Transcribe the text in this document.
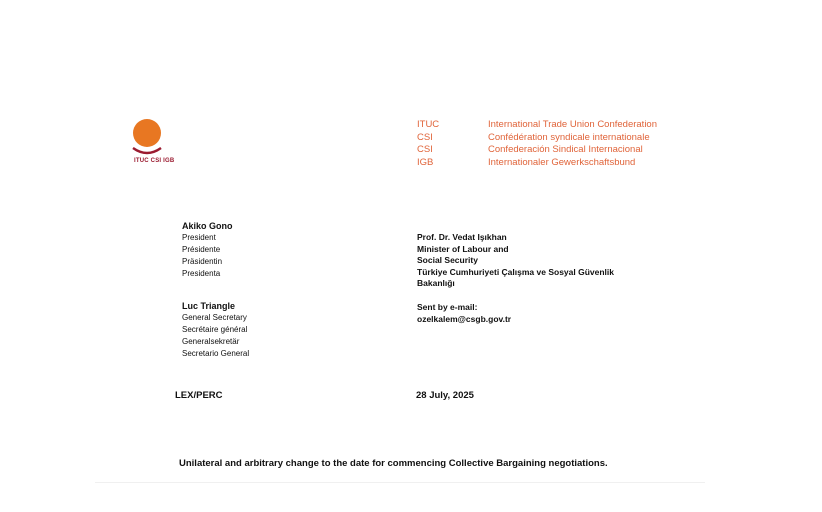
ITUC CSI IGB
ITUC	International Trade Union Confederation
CSI	Confédération syndicale internationale
CSI	Confederación Sindical Internacional
IGB	Internationaler Gewerkschaftsbund
Akiko Gono
President
Présidente
Präsidentin
Presidenta
Luc Triangle
General Secretary
Secrétaire général
Generalsekretär
Secretario General
Prof. Dr. Vedat Işıkhan
Minister of Labour and
Social Security
Türkiye Cumhuriyeti Çalışma ve Sosyal Güvenlik
Bakanlığı
Sent by e-mail:
ozelkalem@csgb.gov.tr
LEX/PERC	28 July, 2025
Unilateral and arbitrary change to the date for commencing Collective Bargaining negotiations.
